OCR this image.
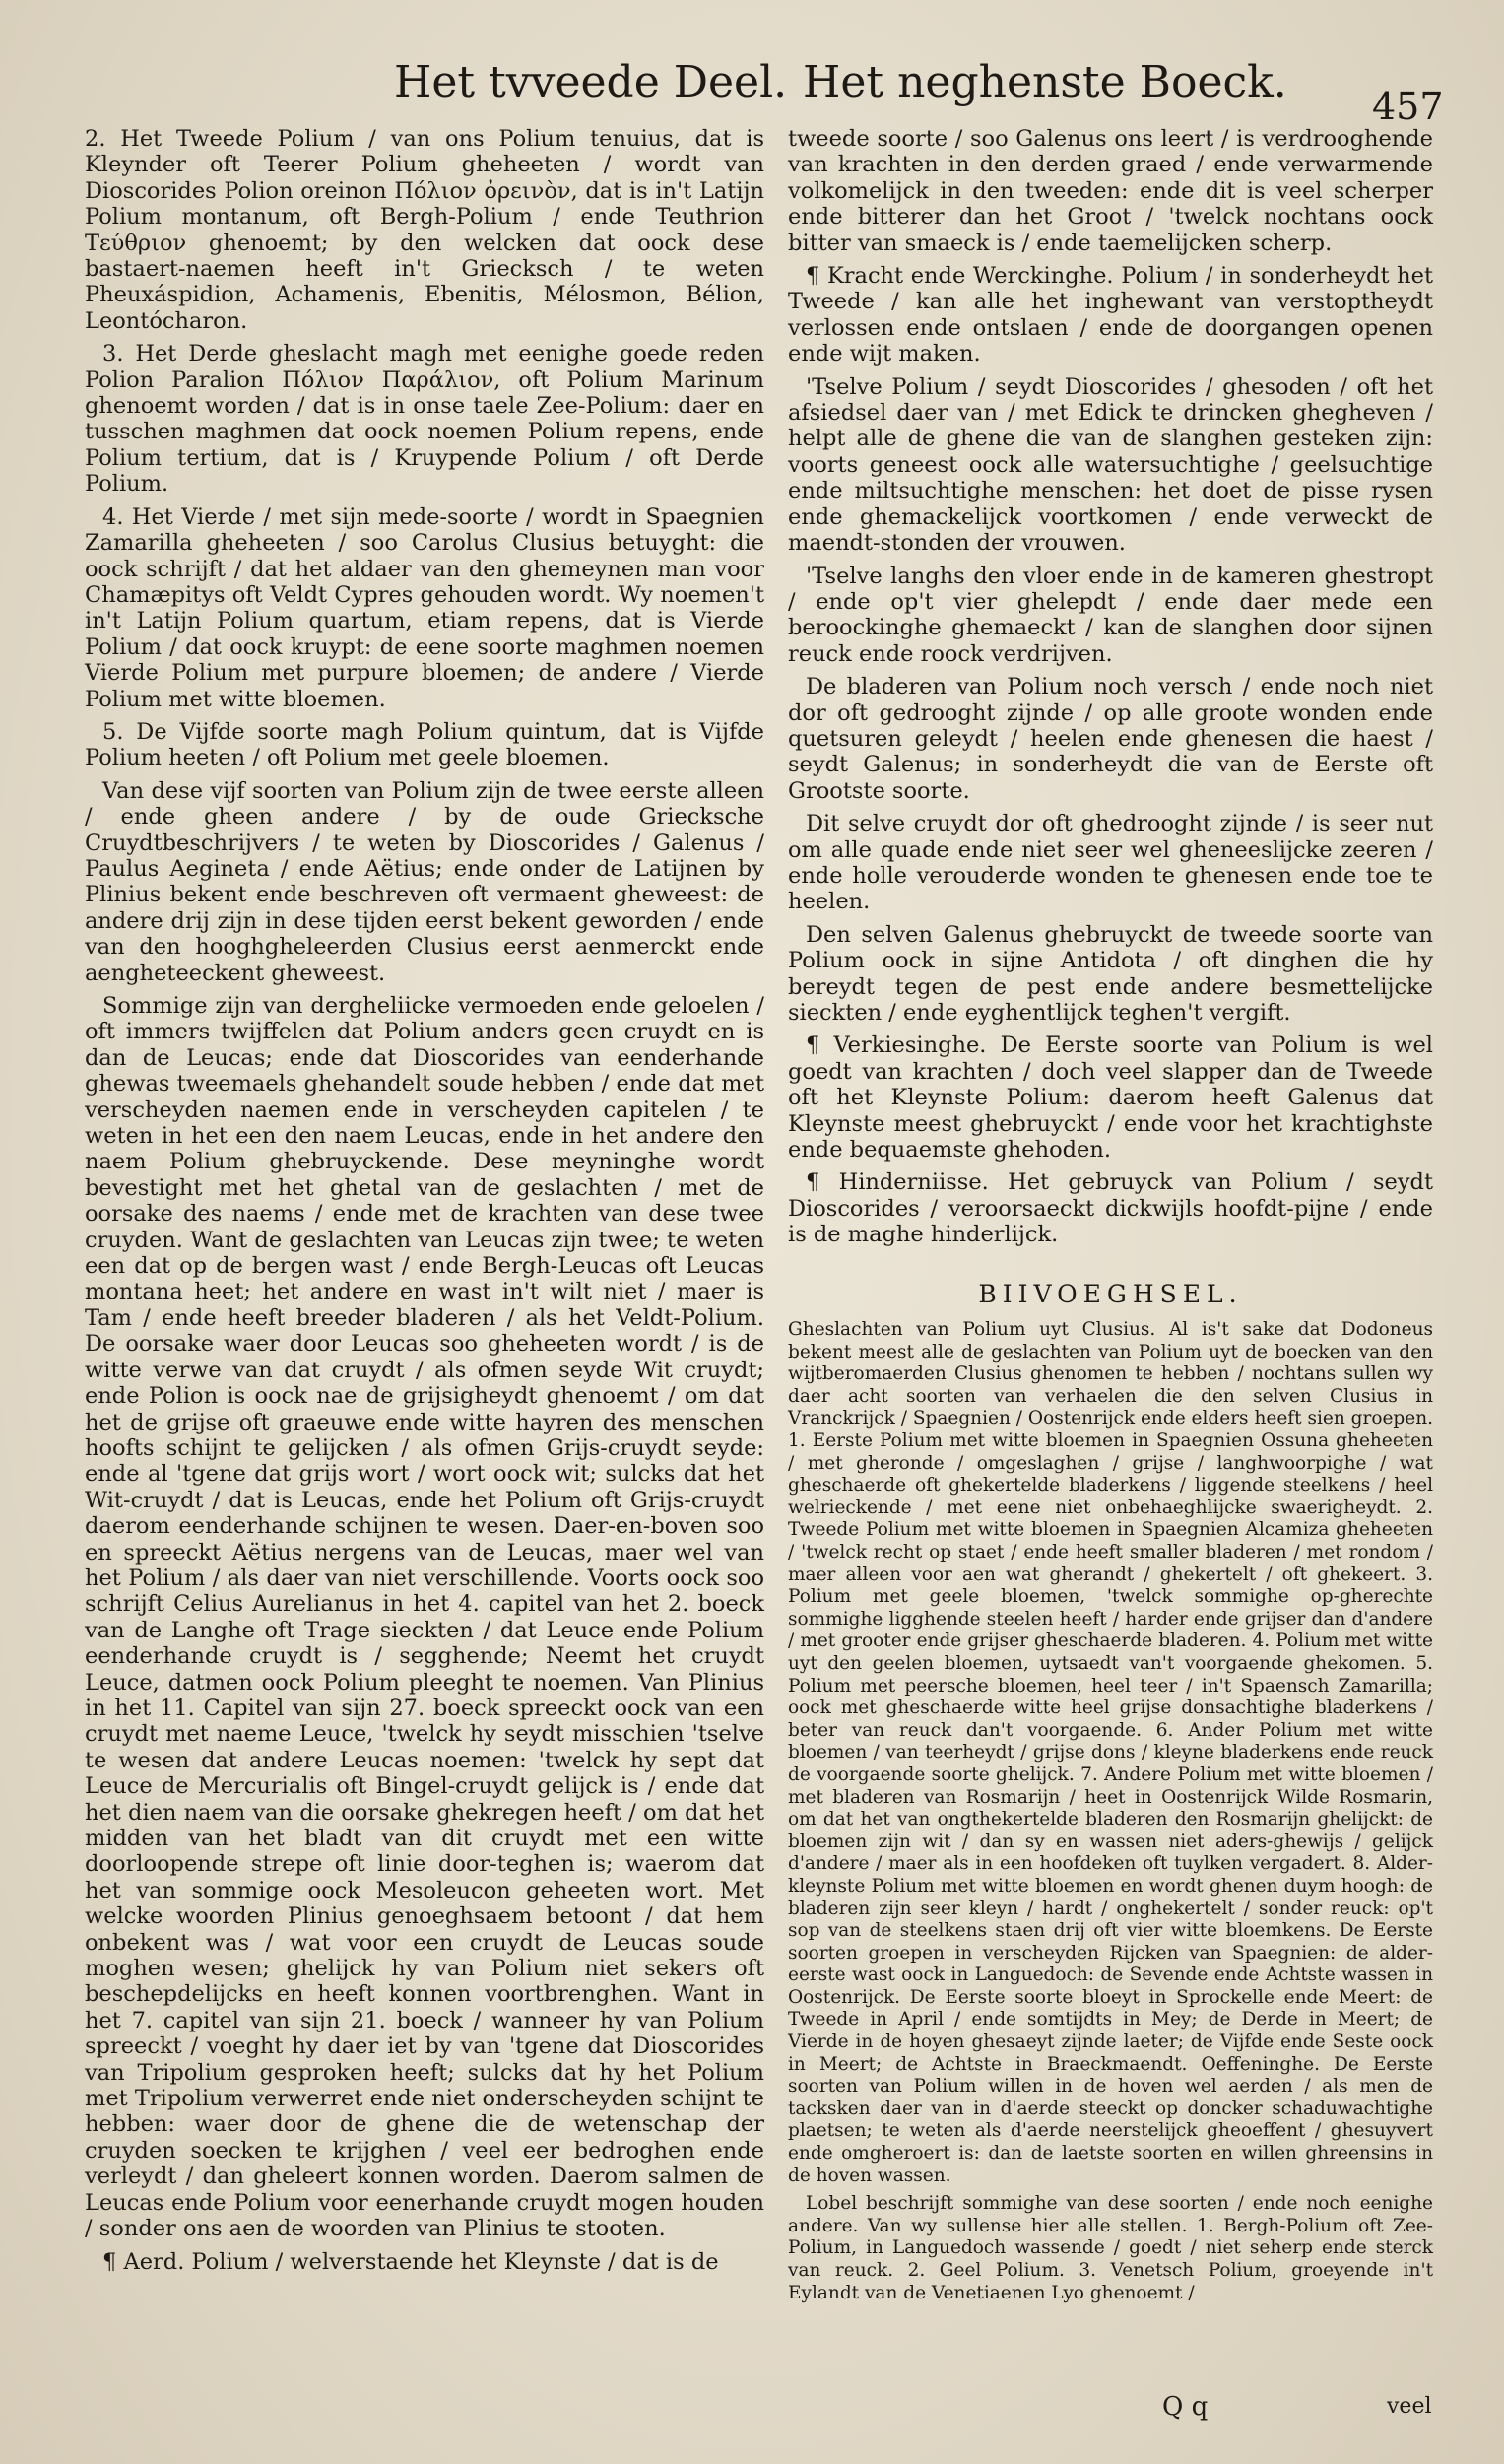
Het tvveede Deel. Het neghenste Boeck. 457

2. Het Tweede Polium / van ons Polium tenuius, dat is Kleynder oft Teerer Polium gheheeten / wordt van Dioscorides Polion oreinon Πόλιον ὀρεινὸν, dat is in't Latijn Polium montanum, oft Bergh-Polium / ende Teuthrion Τεύθριον ghenoemt; by den welcken dat oock dese bastaert-naemen heeft in't Griecksch / te weten Pheuxáspidion, Achamenis, Ebenitis, Mélosmon, Bélion, Leontócharon.

3. Het Derde gheslacht magh met eenighe goede reden Polion Paralion Πόλιον Παράλιον, oft Polium Marinum ghenoemt worden / dat is in onse taele Zee-Polium: daer en tusschen maghmen dat oock noemen Polium repens, ende Polium tertium, dat is / Kruypende Polium / oft Derde Polium.

4. Het Vierde / met sijn mede-soorte / wordt in Spaegnien Zamarilla gheheeten / soo Carolus Clusius betuyght: die oock schrijft / dat het aldaer van den ghemeynen man voor Chamæpitys oft Veldt Cypres gehouden wordt. Wy noemen't in't Latijn Polium quartum, etiam repens, dat is Vierde Polium / dat oock kruypt: de eene soorte maghmen noemen Vierde Polium met purpure bloemen; de andere / Vierde Polium met witte bloemen.

5. De Vijfde soorte magh Polium quintum, dat is Vijfde Polium heeten / oft Polium met geele bloemen.

Van dese vijf soorten van Polium zijn de twee eerste alleen / ende gheen andere / by de oude Griecksche Cruydtbeschrijvers / te weten by Dioscorides / Galenus / Paulus Aegineta / ende Aëtius; ende onder de Latijnen by Plinius bekent ende beschreven oft vermaent gheweest: de andere drij zijn in dese tijden eerst bekent geworden / ende van den hooghgheleerden Clusius eerst aenmerckt ende aengheteeckent gheweest.

Sommige zijn van dergheliicke vermoeden ende geloelen / oft immers twijffelen dat Polium anders geen cruydt en is dan de Leucas; ende dat Dioscorides van eenderhande ghewas tweemaels ghehandelt soude hebben / ende dat met verscheyden naemen ende in verscheyden capitelen / te weten in het een den naem Leucas, ende in het andere den naem Polium ghebruyckende. Dese meyninghe wordt bevestight met het ghetal van de geslachten / met de oorsake des naems / ende met de krachten van dese twee cruyden. Want de geslachten van Leucas zijn twee; te weten een dat op de bergen wast / ende Bergh-Leucas oft Leucas montana heet; het andere en wast in't wilt niet / maer is Tam / ende heeft breeder bladeren / als het Veldt-Polium. De oorsake waer door Leucas soo gheheeten wordt / is de witte verwe van dat cruydt / als ofmen seyde Wit cruydt; ende Polion is oock nae de grijsigheydt ghenoemt / om dat het de grijse oft graeuwe ende witte hayren des menschen hoofts schijnt te gelijcken / als ofmen Grijs-cruydt seyde: ende al 'tgene dat grijs wort / wort oock wit; sulcks dat het Wit-cruydt / dat is Leucas, ende het Polium oft Grijs-cruydt daerom eenderhande schijnen te wesen. Daer-en-boven soo en spreeckt Aëtius nergens van de Leucas, maer wel van het Polium / als daer van niet verschillende. Voorts oock soo schrijft Celius Aurelianus in het 4. capitel van het 2. boeck van de Langhe oft Trage sieckten / dat Leuce ende Polium eenderhande cruydt is / segghende; Neemt het cruydt Leuce, datmen oock Polium pleeght te noemen. Van Plinius in het 11. Capitel van sijn 27. boeck spreeckt oock van een cruydt met naeme Leuce, 'twelck hy seydt misschien 'tselve te wesen dat andere Leucas noemen: 'twelck hy sept dat Leuce de Mercurialis oft Bingel-cruydt gelijck is / ende dat het dien naem van die oorsake ghekregen heeft / om dat het midden van het bladt van dit cruydt met een witte doorloopende strepe oft linie door-teghen is; waerom dat het van sommige oock Mesoleucon geheeten wort. Met welcke woorden Plinius genoeghsaem betoont / dat hem onbekent was / wat voor een cruydt de Leucas soude moghen wesen; ghelijck hy van Polium niet sekers oft beschepdelijcks en heeft konnen voortbrenghen. Want in het 7. capitel van sijn 21. boeck / wanneer hy van Polium spreeckt / voeght hy daer iet by van 'tgene dat Dioscorides van Tripolium gesproken heeft; sulcks dat hy het Polium met Tripolium verwerret ende niet onderscheyden schijnt te hebben: waer door de ghene die de wetenschap der cruyden soecken te krijghen / veel eer bedroghen ende verleydt / dan gheleert konnen worden. Daerom salmen de Leucas ende Polium voor eenerhande cruydt mogen houden / sonder ons aen de woorden van Plinius te stooten.

¶ Aerd. Polium / welverstaende het Kleynste / dat is de

tweede soorte / soo Galenus ons leert / is verdrooghende van krachten in den derden graed / ende verwarmende volkomelijck in den tweeden: ende dit is veel scherper ende bitterer dan het Groot / 'twelck nochtans oock bitter van smaeck is / ende taemelijcken scherp.

¶ Kracht ende Werckinghe. Polium / in sonderheydt het Tweede / kan alle het inghewant van verstoptheydt verlossen ende ontslaen / ende de doorgangen openen ende wijt maken.

'Tselve Polium / seydt Dioscorides / ghesoden / oft het afsiedsel daer van / met Edick te drincken ghegheven / helpt alle de ghene die van de slanghen gesteken zijn: voorts geneest oock alle watersuchtighe / geelsuchtige ende miltsuchtighe menschen: het doet de pisse rysen ende ghemackelijck voortkomen / ende verweckt de maendt-stonden der vrouwen.

'Tselve langhs den vloer ende in de kameren ghestropt / ende op't vier ghelepdt / ende daer mede een beroockinghe ghemaeckt / kan de slanghen door sijnen reuck ende roock verdrijven.

De bladeren van Polium noch versch / ende noch niet dor oft gedrooght zijnde / op alle groote wonden ende quetsuren geleydt / heelen ende ghenesen die haest / seydt Galenus; in sonderheydt die van de Eerste oft Grootste soorte.

Dit selve cruydt dor oft ghedrooght zijnde / is seer nut om alle quade ende niet seer wel gheneeslijcke zeeren / ende holle verouderde wonden te ghenesen ende toe te heelen.

Den selven Galenus ghebruyckt de tweede soorte van Polium oock in sijne Antidota / oft dinghen die hy bereydt tegen de pest ende andere besmettelijcke sieckten / ende eyghentlijck teghen't vergift.

¶ Verkiesinghe. De Eerste soorte van Polium is wel goedt van krachten / doch veel slapper dan de Tweede oft het Kleynste Polium: daerom heeft Galenus dat Kleynste meest ghebruyckt / ende voor het krachtighste ende bequaemste ghehoden.

¶ Hinderniisse. Het gebruyck van Polium / seydt Dioscorides / veroorsaeckt dickwijls hoofdt-pijne / ende is de maghe hinderlijck.

BIIVOEGHSEL.

Gheslachten van Polium uyt Clusius. Al is't sake dat Dodoneus bekent meest alle de geslachten van Polium uyt de boecken van den wijtberomaerden Clusius ghenomen te hebben / nochtans sullen wy daer acht soorten van verhaelen die den selven Clusius in Vranckrijck / Spaegnien / Oostenrijck ende elders heeft sien groepen. 1. Eerste Polium met witte bloemen in Spaegnien Ossuna gheheeten / met gheronde / omgeslaghen / grijse / langhwoorpighe / wat gheschaerde oft ghekertelde bladerkens / liggende steelkens / heel welrieckende / met eene niet onbehaeghlijcke swaerigheydt. 2. Tweede Polium met witte bloemen in Spaegnien Alcamiza gheheeten / 'twelck recht op staet / ende heeft smaller bladeren / met rondom / maer alleen voor aen wat gherandt / ghekertelt / oft ghekeert. 3. Polium met geele bloemen, 'twelck sommighe op-gherechte sommighe ligghende steelen heeft / harder ende grijser dan d'andere / met grooter ende grijser gheschaerde bladeren. 4. Polium met witte uyt den geelen bloemen, uytsaedt van't voorgaende ghekomen. 5. Polium met peersche bloemen, heel teer / in't Spaensch Zamarilla; oock met gheschaerde witte heel grijse donsachtighe bladerkens / beter van reuck dan't voorgaende. 6. Ander Polium met witte bloemen / van teerheydt / grijse dons / kleyne bladerkens ende reuck de voorgaende soorte ghelijck. 7. Andere Polium met witte bloemen / met bladeren van Rosmarijn / heet in Oostenrijck Wilde Rosmarin, om dat het van ongthekertelde bladeren den Rosmarijn ghelijckt: de bloemen zijn wit / dan sy en wassen niet aders-ghewijs / gelijck d'andere / maer als in een hoofdeken oft tuylken vergadert. 8. Alder-kleynste Polium met witte bloemen en wordt ghenen duym hoogh: de bladeren zijn seer kleyn / hardt / onghekertelt / sonder reuck: op't sop van de steelkens staen drij oft vier witte bloemkens. De Eerste soorten groepen in verscheyden Rijcken van Spaegnien: de alder-eerste wast oock in Languedoch: de Sevende ende Achtste wassen in Oostenrijck. De Eerste soorte bloeyt in Sprockelle ende Meert: de Tweede in April / ende somtijdts in Mey; de Derde in Meert; de Vierde in de hoyen ghesaeyt zijnde laeter; de Vijfde ende Seste oock in Meert; de Achtste in Braeckmaendt. Oeffeninghe. De Eerste soorten van Polium willen in de hoven wel aerden / als men de tacksken daer van in d'aerde steeckt op doncker schaduwachtighe plaetsen; te weten als d'aerde neerstelijck gheoeffent / ghesuyvert ende omgheroert is: dan de laetste soorten en willen ghreensins in de hoven wassen.

Lobel beschrijft sommighe van dese soorten / ende noch eenighe andere. Van wy sullense hier alle stellen. 1. Bergh-Polium oft Zee-Polium, in Languedoch wassende / goedt / niet seherp ende sterck van reuck. 2. Geel Polium. 3. Venetsch Polium, groeyende in't Eylandt van de Venetiaenen Lyo ghenoemt /

Q q	veel
